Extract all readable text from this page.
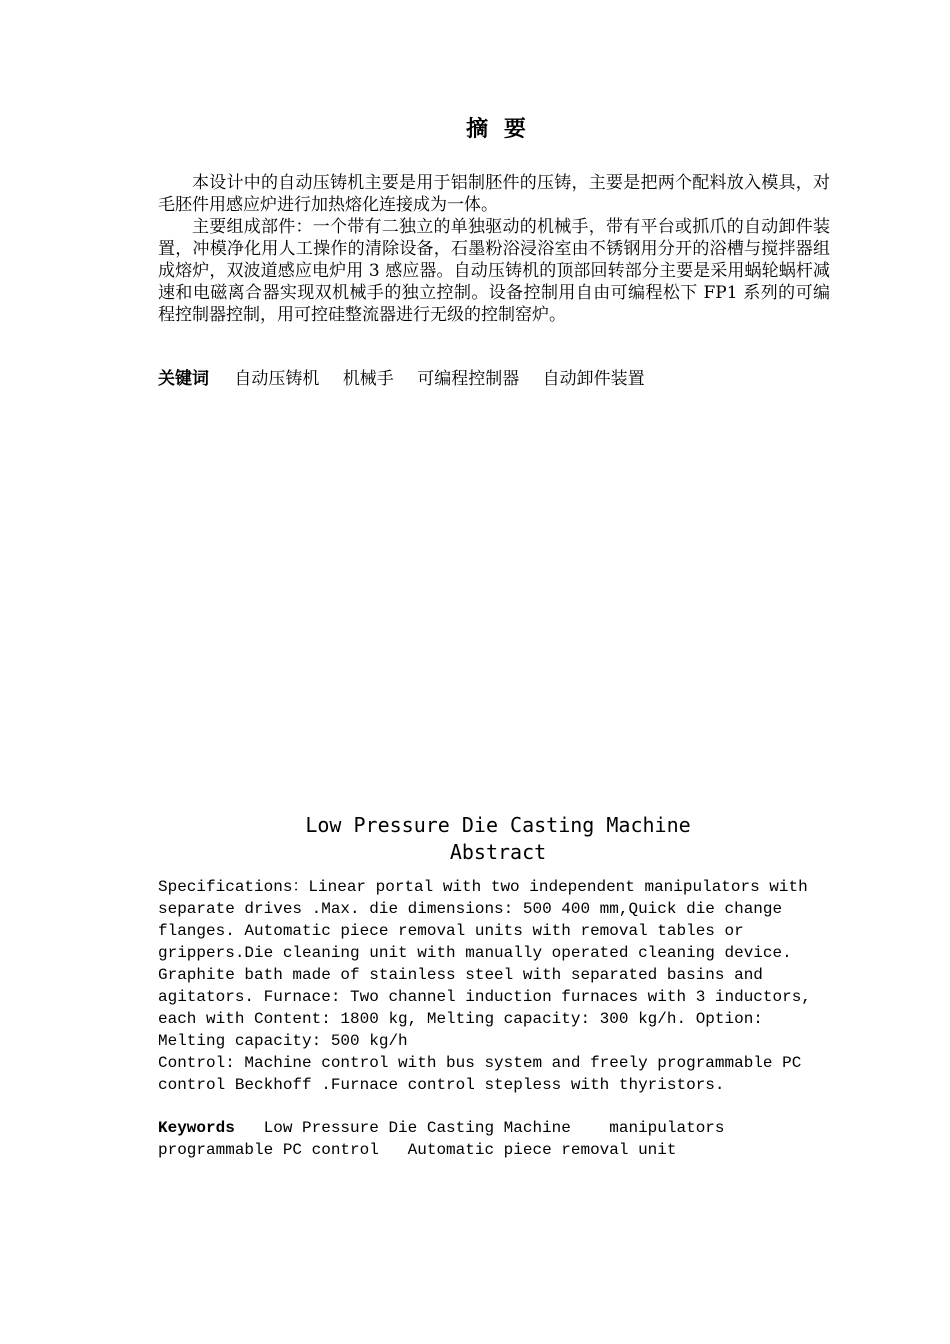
摘 要

本设计中的自动压铸机主要是用于铝制胚件的压铸，主要是把两个配料放入模具，对毛胚件用感应炉进行加热熔化连接成为一体。

主要组成部件：一个带有二独立的单独驱动的机械手，带有平台或抓爪的自动卸件装置，冲模净化用人工操作的清除设备，石墨粉浴浸浴室由不锈钢用分开的浴槽与搅拌器组成熔炉，双波道感应电炉用 3 感应器。自动压铸机的顶部回转部分主要是采用蜗轮蜗杆减速和电磁离合器实现双机械手的独立控制。设备控制用自由可编程松下 FP1 系列的可编程控制器控制，用可控硅整流器进行无级的控制窑炉。

关键词 自动压铸机 机械手 可编程控制器 自动卸件装置
Low Pressure Die Casting Machine
Abstract
Specifications：Linear portal with two independent manipulators with
separate drives .Max. die dimensions: 500 400 mm,Quick die change
flanges. Automatic piece removal units with removal tables or
grippers.Die cleaning unit with manually operated cleaning device.
Graphite bath made of stainless steel with separated basins and
agitators. Furnace: Two channel induction furnaces with 3 inductors,
each with Content: 1800 kg, Melting capacity: 300 kg/h. Option:
Melting capacity: 500 kg/h
Control: Machine control with bus system and freely programmable PC
control Beckhoff .Furnace control stepless with thyristors.
Keywords   Low Pressure Die Casting Machine    manipulators
programmable PC control   Automatic piece removal unit
